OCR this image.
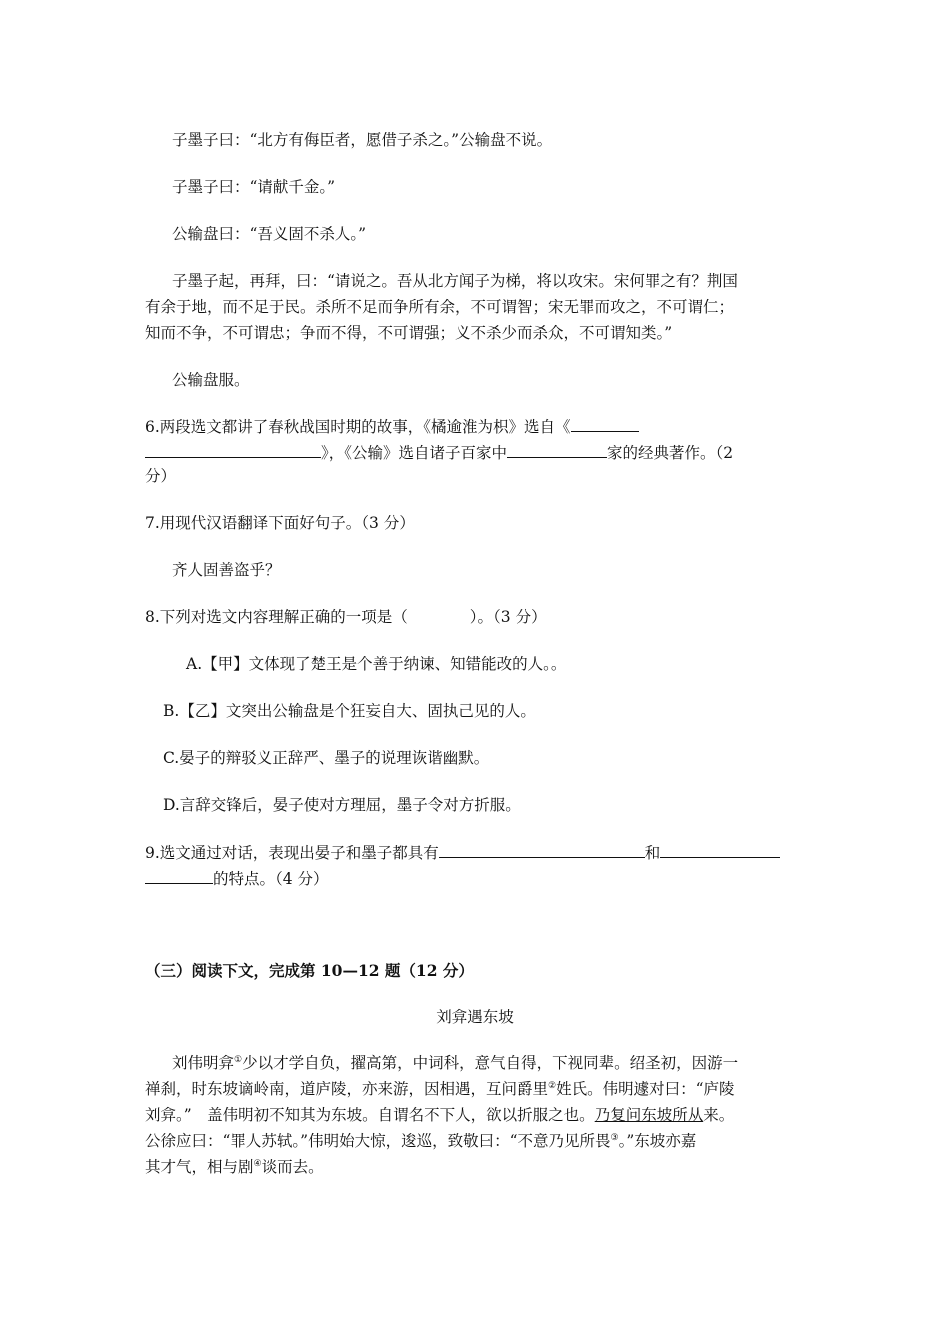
子墨子曰：“北方有侮臣者，愿借子杀之。”公输盘不说。
子墨子曰：“请献千金。”
公输盘曰：“吾义固不杀人。”
子墨子起，再拜，曰：“请说之。吾从北方闻子为梯，将以攻宋。宋何罪之有？荆国
有余于地，而不足于民。杀所不足而争所有余，不可谓智；宋无罪而攻之，不可谓仁；
知而不争，不可谓忠；争而不得，不可谓强；义不杀少而杀众，不可谓知类。”
公输盘服。
6.两段选文都讲了春秋战国时期的故事，《橘逾淮为枳》选自《
》，《公输》选自诸子百家中	家的经典著作。（2
分）
7.用现代汉语翻译下面好句子。（3 分）
齐人固善盗乎？
8.下列对选文内容理解正确的一项是（	）。（3 分）
A.【甲】文体现了楚王是个善于纳谏、知错能改的人。。
B.【乙】文突出公输盘是个狂妄自大、固执己见的人。
C.晏子的辩驳义正辞严、墨子的说理诙谐幽默。
D.言辞交锋后，晏子使对方理屈，墨子令对方折服。
9.选文通过对话，表现出晏子和墨子都具有	和
的特点。（4 分）
（三）阅读下文，完成第 10—12 题（12 分）
刘弇遇东坡
刘伟明弇①少以才学自负，擢高第，中词科，意气自得，下视同辈。绍圣初，因游一
禅刹，时东坡谪岭南，道庐陵，亦来游，因相遇，互问爵里②姓氏。伟明遽对曰：“庐陵
刘弇。”　盖伟明初不知其为东坡。自谓名不下人，欲以折服之也。乃复问东坡所从来。
公徐应曰：“罪人苏轼。”伟明始大惊，逡巡，致敬曰：“不意乃见所畏③。”东坡亦嘉
其才气，相与剧④谈而去。
